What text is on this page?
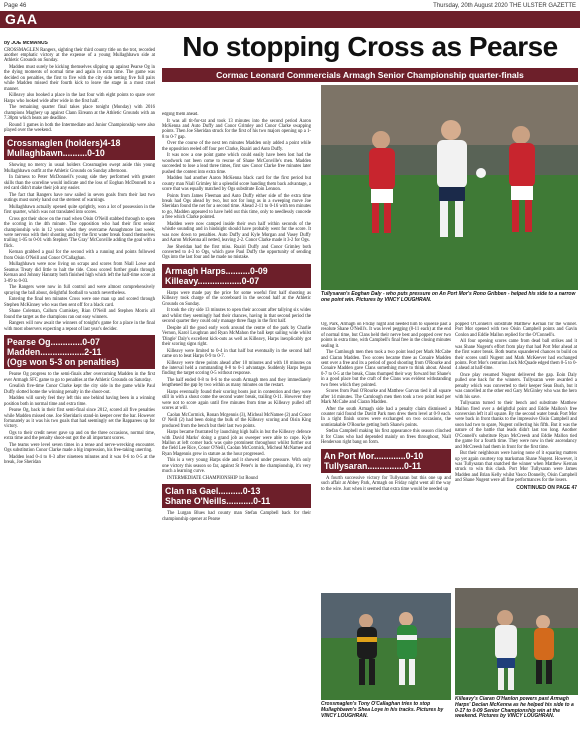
Page 46	Thursday, 20th August 2020 THE ULSTER GAZETTE
GAA
No stopping Cross as Pearse
Cormac Leonard Commercials Armagh Senior Championship quarter-finals

by JOE McMANUS

CROSSMAGLEN Rangers, sighting their third county title on the trot, recorded another emphatic victory at the expense of a young Mullaghbawn side at Athletic Grounds on Sunday.

Madden must surely be kicking themselves slipping up against Pearse Og in the dying moments of normal time and again in extra time. The game was decided on penalties, the first to five with the city side netting five full pairs while Madden missed their fourth kick to leave the stage in a most cruel manner.

Killeavy also booked a place in the last four with eight points to spare over Harps who looked wide after wide in the first half.

The remaining quarter final takes place tonight (Monday) with 2016 champions Maghery up against Clann Eireann at the Athletic Grounds with an 7.30pm which beats are deadline.

Round 1 games in both the Intermediate and Junior Championship were also played over the weekend.

Crossmaglen (holders)4-18
Mullaghbawn..........0-10

Showing no mercy in usual holders Crossmaglen swept aside this young Mullaghbawn outfit at the Athletic Grounds on Sunday afternoon.

In fairness to Peter McDonnell's young side they performed with greater skills than the scoreline would indicate and the loss of Eoghan McDonnell to a red card didn't make their job any easier.

The fact that Rangers have now sailed in seven goals from their last two outings must surely hand out the sternest of warnings.

Mullaghbawn actually opened quite sprightly, won a lot of possession in the first quarter, which was not translated into scores.

Cross got their show on the road when Oisin O'Neill stabbed through to open the scoring in the 4th minute. The opposition who had their first senior championship win in 12 years when they overcame Annaghmore last week, were nervous with their shooting and by the first water break found themselves trailing 1-05 to 0-01 with Stephen 'The Gray' McConville adding the goal with a flick.

Kernan grabbed a goal for the second with a running and points followed from Oisin O'Neill and Conor O'Callaghan.

Mullaghbawn were now living on scraps and scores from Niall Lowe and Seamus Treaty did little to halt the tide. Cross scored further goals through Kernan and Johnny Hanratty both finished high which left the half-time score at 3-09 to 0-03.

The Rangers were now in full control and were almost comprehensively spraying the ball about, delightful football to watch nevertheless.

Entering the final ten minutes Cross were one man up and scored through Stephen McKinney who was then sent off for a black card.

Shane Coleman, Callum Cumiskey, Rian O'Neill and Stephen Morris all found the target as the champions ran out easy winners.

Rangers will now await the winners of tonight's game for a place in the final with most observers expecting a repeat of last year's decider.

Pearse Og.............0-07
Madden..................2-11
(Ogs won 5-3 on penalties)

Pearse Og progress to the semi-finals after overcoming Madden in the first ever Armagh SFC game to go to penalties at the Athletic Grounds on Saturday.

Grealish five-time Conor Clarke kept the city side in the game while Paul Duffy slotted home the winning penalty in the shoot-out.

Madden will surely feel they left this one behind having been in a winning position both in normal time and extra time.

Pearse Og, back in their first semi-final since 2012, scored all five penalties while Madden missed one. Joe Sheridan's stand-in keeper over the bar. However fortunately as it was his two goals that had seemingly set the Rapparees up for victory.

Ogs to their credit never gave up and on the three occasions, normal time, extra time and the penalty shoot-out got the all important scores.

The teams were level seven times in a tense and nerve-wrecking encounter. Ogs substitution Conor Clarke made a big impression, his free-taking unerring.

Madden lead 0-4 to 0-3 after nineteen minutes and it was 0-6 to 0-5 at the break, Joe Sheridan

edging them ahead.

It was all tit-for-tat and took 13 minutes into the second period Aaron McKenna and Auto Duffy and Conor Grimley and Conor Clarke swapping points. Then Joe Sheridan struck for the first of his two majors opening up a 1-8 to 0-7 gap.

Over the course of the next ten minutes Madden only added a point while the opposition reeled off four per Clarke, Ruairi and Auto Duffy.

It was now a one point game which could easily have been lost had the woodwork not been come to rescue of Shane McConville's men. Madden succeeded to lose a lead three times, first saw Conor Clarke free minutes later pushed the contest into extra time.

Madden had another Aaron McKenna black card for the first period but county man Niall Grimley hit a splendid score handing them back advantage, a score that was equally matched by Ogs substitute Eoin Lennon.

Points from James Fleeman and Auto Duffy either side of the extra time break had Ogs ahead by two, but not for long as in a sweeping move Joe Sheridan found the net for a second time. Ahead 2-11 to 0-16 with ten minutes to go, Madden appeared to have held out this time, only to needlessly concede a free which Clarke pointed.

Madden were now camped inside their own half within seconds of the whistle sounding and in hindsight should have probably went for the score. It was now down to penalties. Auto Duffy and Kyle Morgan and Vasey Duffy and Aaron McKenna all netted, leaving 2-2. Conor Clarke made it 3-2 for Ogs.

Joe Sheridan had the first miss. Ruairi Duffy and Conor Grimley both converted to 4-3 to Ogs, which gave Paul Duffy the opportunity of sending Ogs into the last four and he made no mistake.

Armagh Harps..........0-09
Killeavy..................0-07

Harps were made pay the price for some woeful first half shooting as Killeavy took charge of the scoreboard in the second half at the Athletic Grounds on Sunday.

It took the city side 13 minutes to open their account after tallying six wides and whilst they seemingly had their chances, having in that second period the second quarter they could only manage three flags in the first half.

Despite all the good early work around the centre of the park by Charlie Vernon, Karol Loughran and Ryan McMahon the ball kept sailing wide whilst 'Dingle' Daly's excellent kick-outs as well as Killeavy, Harps inexplicably got their scoring signs right.

Killeavy were limited to 0-4 in that half but eventually in the second half came on to beat Harps 0-9 to 0-7.

Killeavy were three points ahead after 10 minutes and with 10 minutes on the interval held a commanding 0-8 to 0-1 advantage. Suddenly Harps began finding the target scoring 0-5 without response.

The half ended 0-8 to 0-6 to the south Armagh men and they immediately lengthened the gap by two within as many minutes on the restart.

Harps eventually found their scoring boots just in contention and they were still in with a shout come the second water break, trailing 0-11. However they were not to score again until five minutes from time as Killeavy pulled off scores at will.

Caolan McCormick, Ronan Mcgennis (3), Micheal McNamee (2) and Conor O' Neill (2) had been doing the bulk of the Killeavy scoring and Oisin King produced from the bench but their last two points.

Harps became frustrated by launching high balls in but the Killeavy defence with David Marks' doing a grand job as sweeper were able to cope. Kyle Mallon at left corner back was quite prominent throughout whilst further out the field Lee Rice, Conor O'Neill, Caolan McCormick, Micheal McNamee and Ryan Magennis grew in stature as the hour progressed.

This is a very young Harps side and it showed under pressure. With only one victory this season so far, against St Peter's in the championship, it's very much a learning curve.

INTERMEDIATE CHAMPIONSHIP 1st Round

Clan na Gael..........0-13
Shane O'Neills...........0-11

The Lurgan Blues had county man Stefan Campbell back for their championship opener at Pearse

Tullysaran's Eoghan Daly - who puts pressure on An Port Mor's Rono Gribben - helped his side to a narrow one point win. Pictures by VINCY LOUGHRAN.

Og, Park, Armagh on Friday night and needed him to squeeze past a resolute Shane O'Neill's. It was level pegging (0-11 each) at the end of normal time, but Clans held their nerve best and popped over two points in extra time, with Campbell's final free in the closing minutes sealing it.

The Camlough men then took a two point lead per Mark McCabe and Ciaran Madden. Two scores became three as Conaire Madden sent over a free and its a period of good shooting from O'Rourke and Conaire Madden gave Clans something more to think about. Ahead 0-7 to 0-5 at the break, Clans thumped their way forward but Shane's in a good place but the craft of the Clans was evident withstanding two frees which they pointed.

Scores from Paul O'Rourke and Matthew Garvan tied it all square after 14 minutes. The Camlough men then took a two point lead per Mark McCabe and Ciaran Madden.

After the south Armagh side had a penalty claim dismissed a counter raid found the Davitt Park men drew them level at 0-9 each. In a tight finish scores were exchanged on two occasions, the unmistakable O'Rourke getting both Shane's points.

Stefan Campbell making his first appearance this season clinched it for Clans who had depended mainly on frees throughout, Niall Henderson right bang on form.

An Port Mor.............0-10
Tullysaran...............0-11

A fourth successive victory for Tullysaran but this one up and such affair at Abbey Park, Armagh on Friday night went all the way to the wire. Just when it seemed that extra time would be needed up

popped O'Connell's substitute Matthew Kernan for the winner. Port Mor opened with two Oisin Campbell points and Gavin Conlon and Eddie Mallon replied for the O'Connell's.

All four opening scores came from dead ball strikes and it was Shane Nugent's effort from play that had Port Mor ahead at the first water break. Both teams squandered chances to build on their scores until Nugent and Mark McKeever had exchanged points. Port Mor's centurion Jack McQuade edged them 0-5 to 0-4 ahead at half-time.

Once play resumed Nugent delivered the gap. Eoin Daly pulled one back for the winners. Tullysaran were awarded a penalty which was converted to their keeper Sean Bush, but it was cancelled at the other end Gary McGinley who was the hero with his save.

Tullysaran turned to their bench and substitute Matthew Mallon fired over a delightful point and Eddie Mallon's free conversion left it all square. By the second water break Port Mor were back in front thanks to the impressive Oisin Campbell and soon had two to spare, Nugent collecting his fifth. But it was the nature of the battle that leads didn't last too long. Another O'Connell's substitute Ryan McCreesh and Eddie Mallon tied the game for a fourth time. They were now in their ascendancy and McCreesh had them in front for the first time.

But their neighbours were having none of it squaring matters up yet again courtesy top marksman Shane Nugent. However, it was Tullysaran that snatched the winner when Matthew Kernan struck to win this clash. Port Mor Tullysaran were James Madden and Brian Kelly whilst Vasco Donnelly, Oisin Campbell and Shane Nugent were all fine performances for the losers.

CONTINUED ON PAGE 47

Crossmaglen's Tony O'Callaghan tries to stop Mullaghbawn's Shea Loye in his tracks. Pictures by VINCY LOUGHRAN.
Killeavy's Ciaran O'Hanlon powers past Armagh Harps' Declan McKenna as he helped his side to a 0-17 to 0-09 Senior Championship win at the weekend. Pictures by VINCY LOUGHRAN.
